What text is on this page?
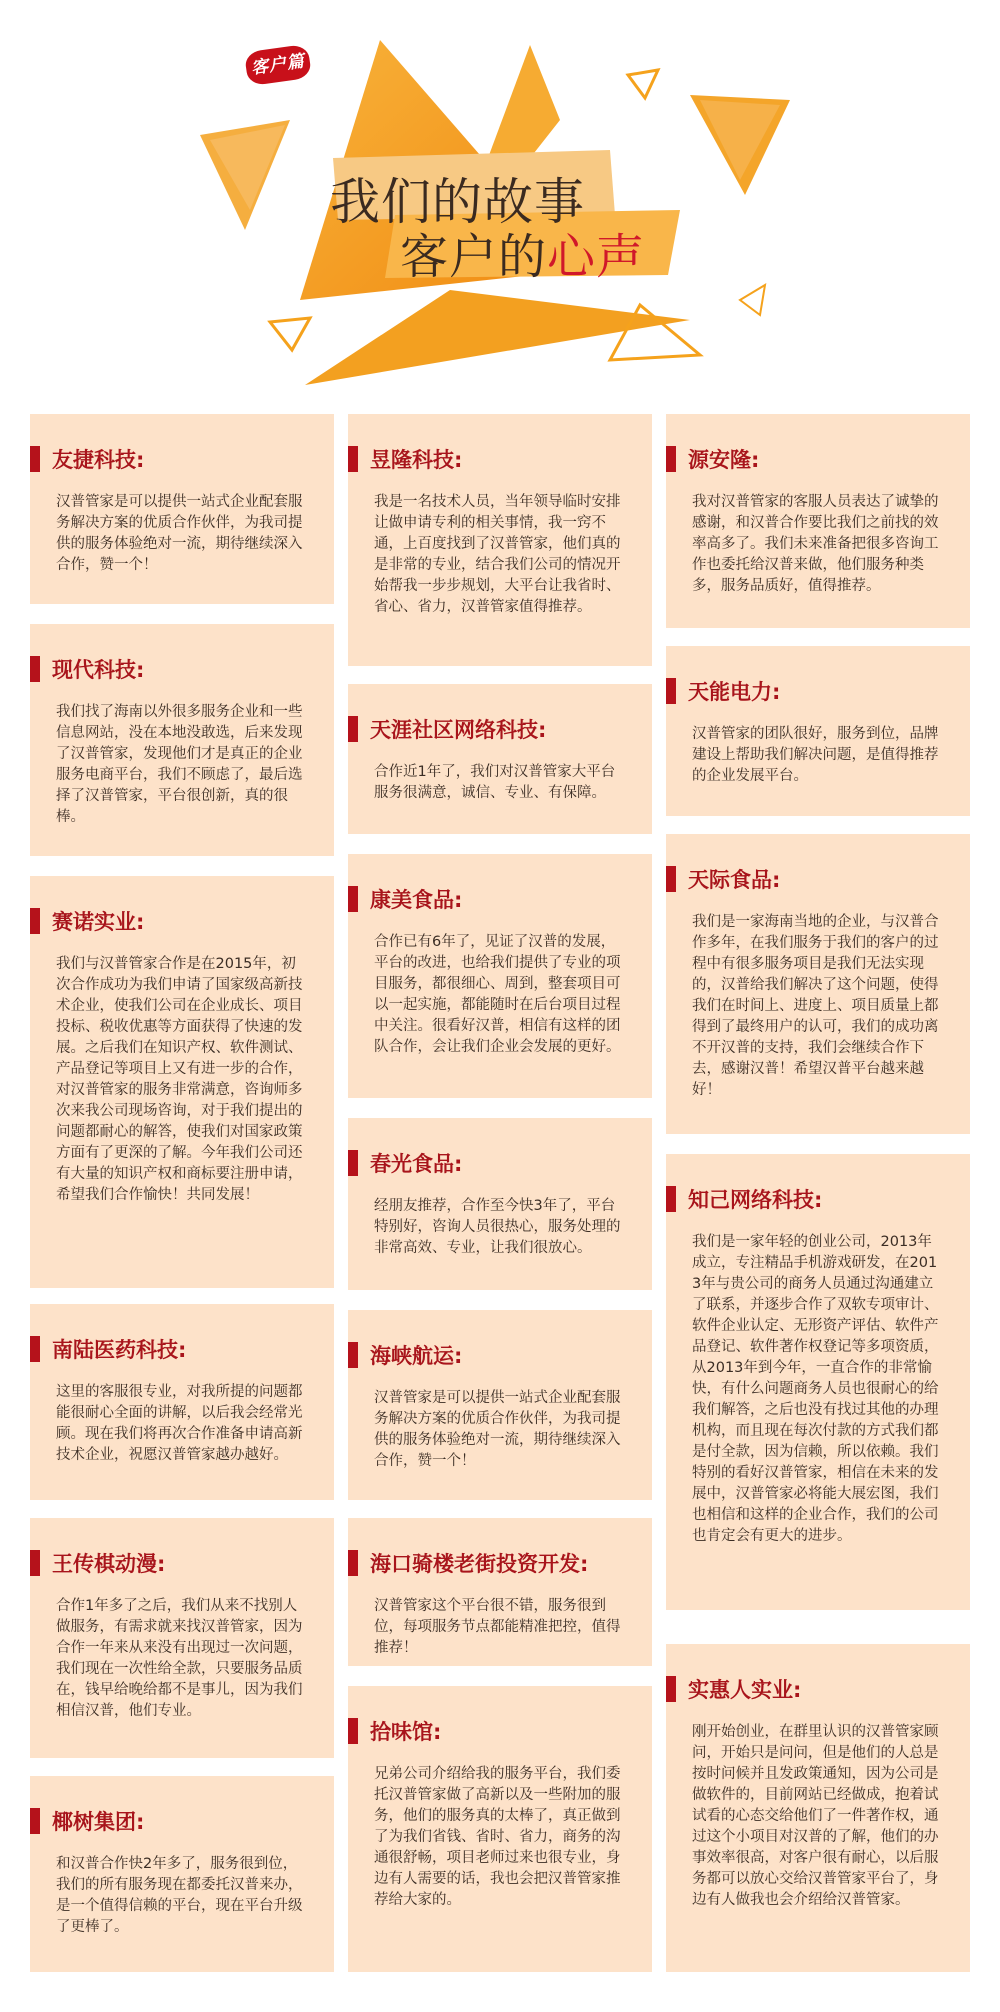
客户篇
我们的故事
客户的心声
友捷科技:

汉普管家是可以提供一站式企业配套服务解决方案的优质合作伙伴，为我司提供的服务体验绝对一流，期待继续深入合作，赞一个！

现代科技:

我们找了海南以外很多服务企业和一些信息网站，没在本地没敢选，后来发现了汉普管家，发现他们才是真正的企业服务电商平台，我们不顾虑了，最后选择了汉普管家，平台很创新，真的很棒。

赛诺实业:

我们与汉普管家合作是在2015年，初次合作成功为我们申请了国家级高新技术企业，使我们公司在企业成长、项目投标、税收优惠等方面获得了快速的发展。之后我们在知识产权、软件测试、产品登记等项目上又有进一步的合作，对汉普管家的服务非常满意，咨询师多次来我公司现场咨询，对于我们提出的问题都耐心的解答，使我们对国家政策方面有了更深的了解。今年我们公司还有大量的知识产权和商标要注册申请，希望我们合作愉快！共同发展！

南陆医药科技:

这里的客服很专业，对我所提的问题都能很耐心全面的讲解，以后我会经常光顾。现在我们将再次合作准备申请高新技术企业，祝愿汉普管家越办越好。

王传棋动漫:

合作1年多了之后，我们从来不找别人做服务，有需求就来找汉普管家，因为合作一年来从来没有出现过一次问题，我们现在一次性给全款，只要服务品质在，钱早给晚给都不是事儿，因为我们相信汉普，他们专业。

椰树集团:

和汉普合作快2年多了，服务很到位，我们的所有服务现在都委托汉普来办，是一个值得信赖的平台，现在平台升级了更棒了。

昱隆科技:

我是一名技术人员，当年领导临时安排让做申请专利的相关事情，我一窍不通，上百度找到了汉普管家，他们真的是非常的专业，结合我们公司的情况开始帮我一步步规划，大平台让我省时、省心、省力，汉普管家值得推荐。

天涯社区网络科技:

合作近1年了，我们对汉普管家大平台服务很满意，诚信、专业、有保障。

康美食品:

合作已有6年了，见证了汉普的发展，平台的改进，也给我们提供了专业的项目服务，都很细心、周到，整套项目可以一起实施，都能随时在后台项目过程中关注。很看好汉普，相信有这样的团队合作，会让我们企业会发展的更好。

春光食品:

经朋友推荐，合作至今快3年了，平台特别好，咨询人员很热心，服务处理的非常高效、专业，让我们很放心。

海峡航运:

汉普管家是可以提供一站式企业配套服务解决方案的优质合作伙伴，为我司提供的服务体验绝对一流，期待继续深入合作，赞一个！

海口骑楼老街投资开发:

汉普管家这个平台很不错，服务很到位，每项服务节点都能精准把控，值得推荐！

拾味馆:

兄弟公司介绍给我的服务平台，我们委托汉普管家做了高新以及一些附加的服务，他们的服务真的太棒了，真正做到了为我们省钱、省时、省力，商务的沟通很舒畅，项目老师过来也很专业，身边有人需要的话，我也会把汉普管家推荐给大家的。

源安隆:

我对汉普管家的客服人员表达了诚挚的感谢，和汉普合作要比我们之前找的效率高多了。我们未来准备把很多咨询工作也委托给汉普来做，他们服务种类多，服务品质好，值得推荐。

天能电力:

汉普管家的团队很好，服务到位，品牌建设上帮助我们解决问题，是值得推荐的企业发展平台。

天际食品:

我们是一家海南当地的企业，与汉普合作多年，在我们服务于我们的客户的过程中有很多服务项目是我们无法实现的，汉普给我们解决了这个问题，使得我们在时间上、进度上、项目质量上都得到了最终用户的认可，我们的成功离不开汉普的支持，我们会继续合作下去，感谢汉普！希望汉普平台越来越好！

知己网络科技:

我们是一家年轻的创业公司，2013年成立，专注精品手机游戏研发，在2013年与贵公司的商务人员通过沟通建立了联系，并逐步合作了双软专项审计、软件企业认定、无形资产评估、软件产品登记、软件著作权登记等多项资质，从2013年到今年，一直合作的非常愉快，有什么问题商务人员也很耐心的给我们解答，之后也没有找过其他的办理机构，而且现在每次付款的方式我们都是付全款，因为信赖，所以依赖。我们特别的看好汉普管家，相信在未来的发展中，汉普管家必将能大展宏图，我们也相信和这样的企业合作，我们的公司也肯定会有更大的进步。

实惠人实业:

刚开始创业，在群里认识的汉普管家顾问，开始只是问问，但是他们的人总是按时问候并且发政策通知，因为公司是做软件的，目前网站已经做成，抱着试试看的心态交给他们了一件著作权，通过这个小项目对汉普的了解，他们的办事效率很高，对客户很有耐心，以后服务都可以放心交给汉普管家平台了，身边有人做我也会介绍给汉普管家。
